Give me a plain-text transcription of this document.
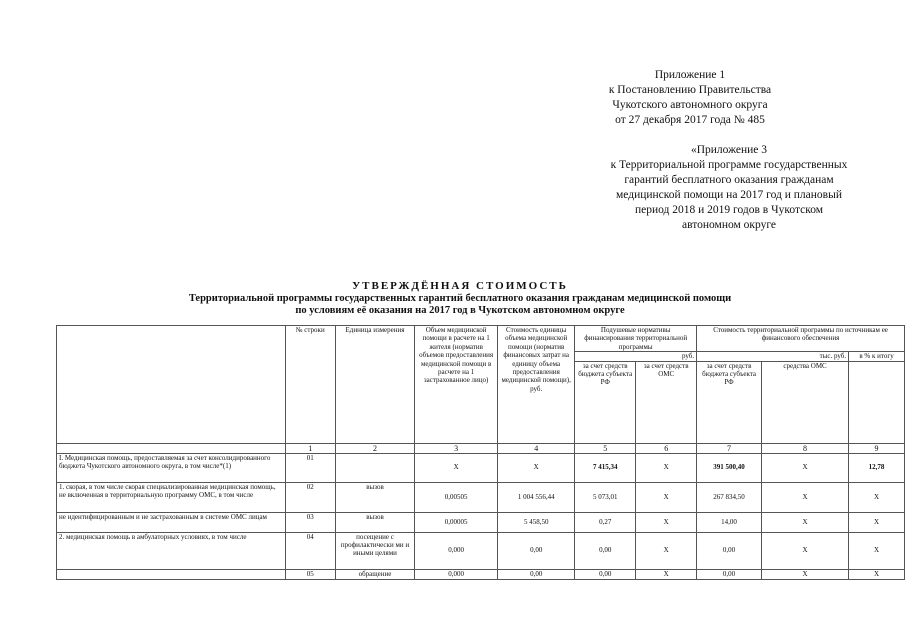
Приложение 1
к Постановлению Правительства
Чукотского автономного округа
от 27 декабря 2017 года № 485
«Приложение 3
к Территориальной программе государственных
гарантий бесплатного оказания гражданам
медицинской помощи на 2017 год и плановый
период 2018 и 2019 годов в Чукотском
автономном округе
УТВЕРЖДЁННАЯ СТОИМОСТЬ
Территориальной программы государственных гарантий бесплатного оказания гражданам медицинской помощи
по условиям её оказания на 2017 год в Чукотском автономном округе
	№ строки	Единица измерения	Объем медицинской помощи в расчете на 1 жителя (норматив объемов предоставления медицинской помощи в расчете на 1 застрахованное лицо)	Стоимость единицы объема медицинской помощи (норматив финансовых затрат на единицу объема предоставления медицинской помощи), руб.	Подушевые нормативы финансирования территориальной программы		Стоимость территориальной программы по источникам ее финансового обеспечения		
					руб.		тыс. руб.		в % к итогу
					за счет средств бюджета субъекта РФ	за счет средств ОМС	за счет средств бюджета субъекта РФ	средства ОМС	
	1	2	3	4	5	6	7	8	9
I. Медицинская помощь, предоставляемая за счет консолидированного бюджета Чукотского автономного округа, в том числе*(1)	01		X	X	7 415,34	X	391 500,40	X	12,78
1. скорая, в том числе скорая специализированная медицинская помощь, не включенная в территориальную программу ОМС, в том числе	02	вызов	0,00505	1 004 556,44	5 073,01	X	267 834,50	X	X
не идентифицированным и не застрахованным в системе ОМС лицам	03	вызов	0,00005	5 458,50	0,27	X	14,00	X	X
2. медицинская помощь в амбулаторных условиях, в том числе	04	посещение с профилактически ми и иными целями	0,000	0,00	0,00	X	0,00	X	X
	05	обращение	0,000	0,00	0,00	X	0,00	X	X
